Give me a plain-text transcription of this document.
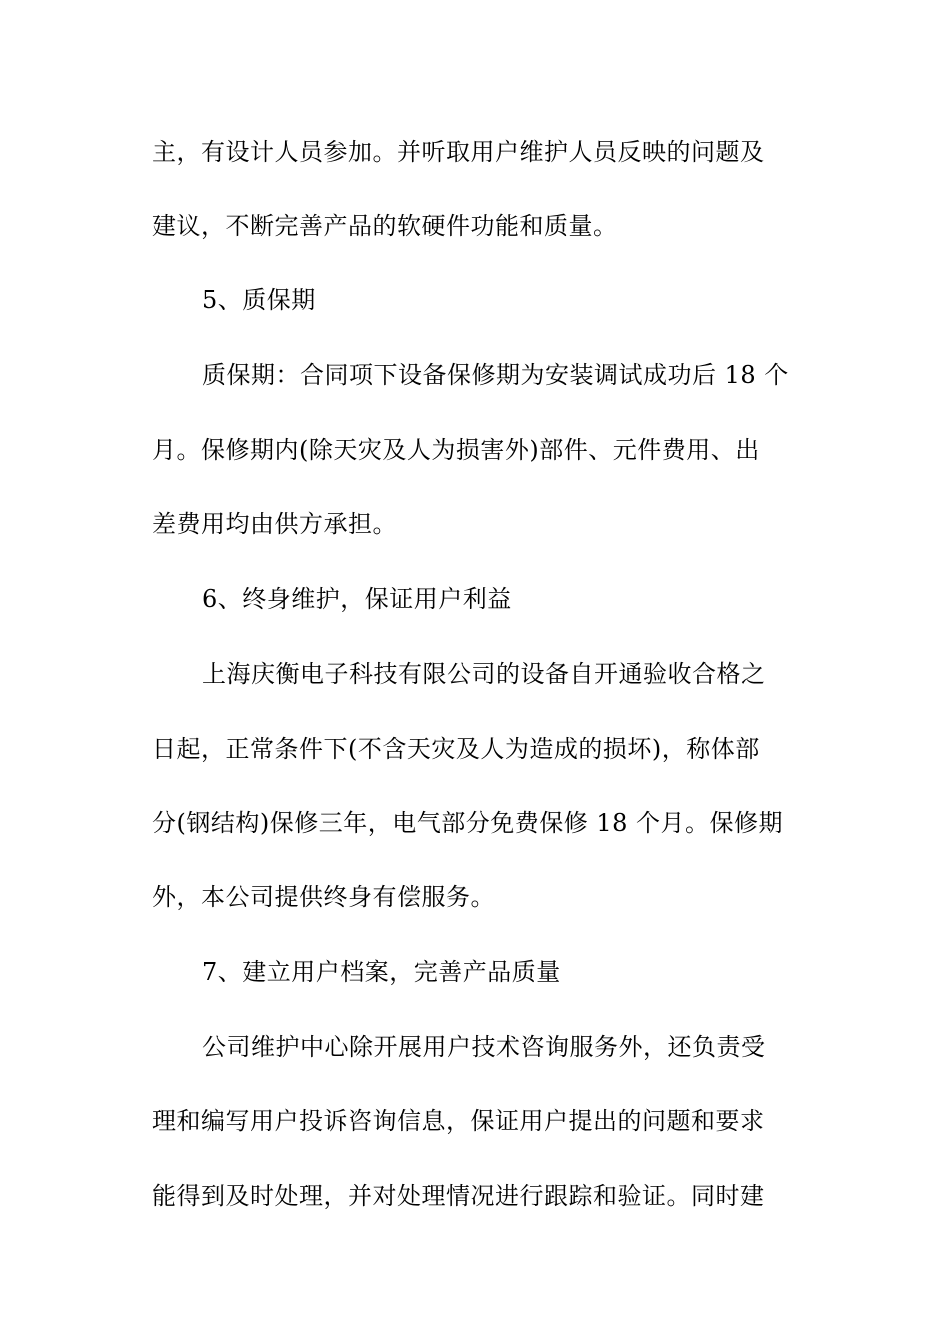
主，有设计人员参加。并听取用户维护人员反映的问题及
建议，不断完善产品的软硬件功能和质量。
5、质保期
质保期：合同项下设备保修期为安装调试成功后 18 个
月。保修期内(除天灾及人为损害外)部件、元件费用、出
差费用均由供方承担。
6、终身维护，保证用户利益
上海庆衡电子科技有限公司的设备自开通验收合格之
日起，正常条件下(不含天灾及人为造成的损坏)，称体部
分(钢结构)保修三年，电气部分免费保修 18 个月。保修期
外，本公司提供终身有偿服务。
7、建立用户档案，完善产品质量
公司维护中心除开展用户技术咨询服务外，还负责受
理和编写用户投诉咨询信息，保证用户提出的问题和要求
能得到及时处理，并对处理情况进行跟踪和验证。同时建
